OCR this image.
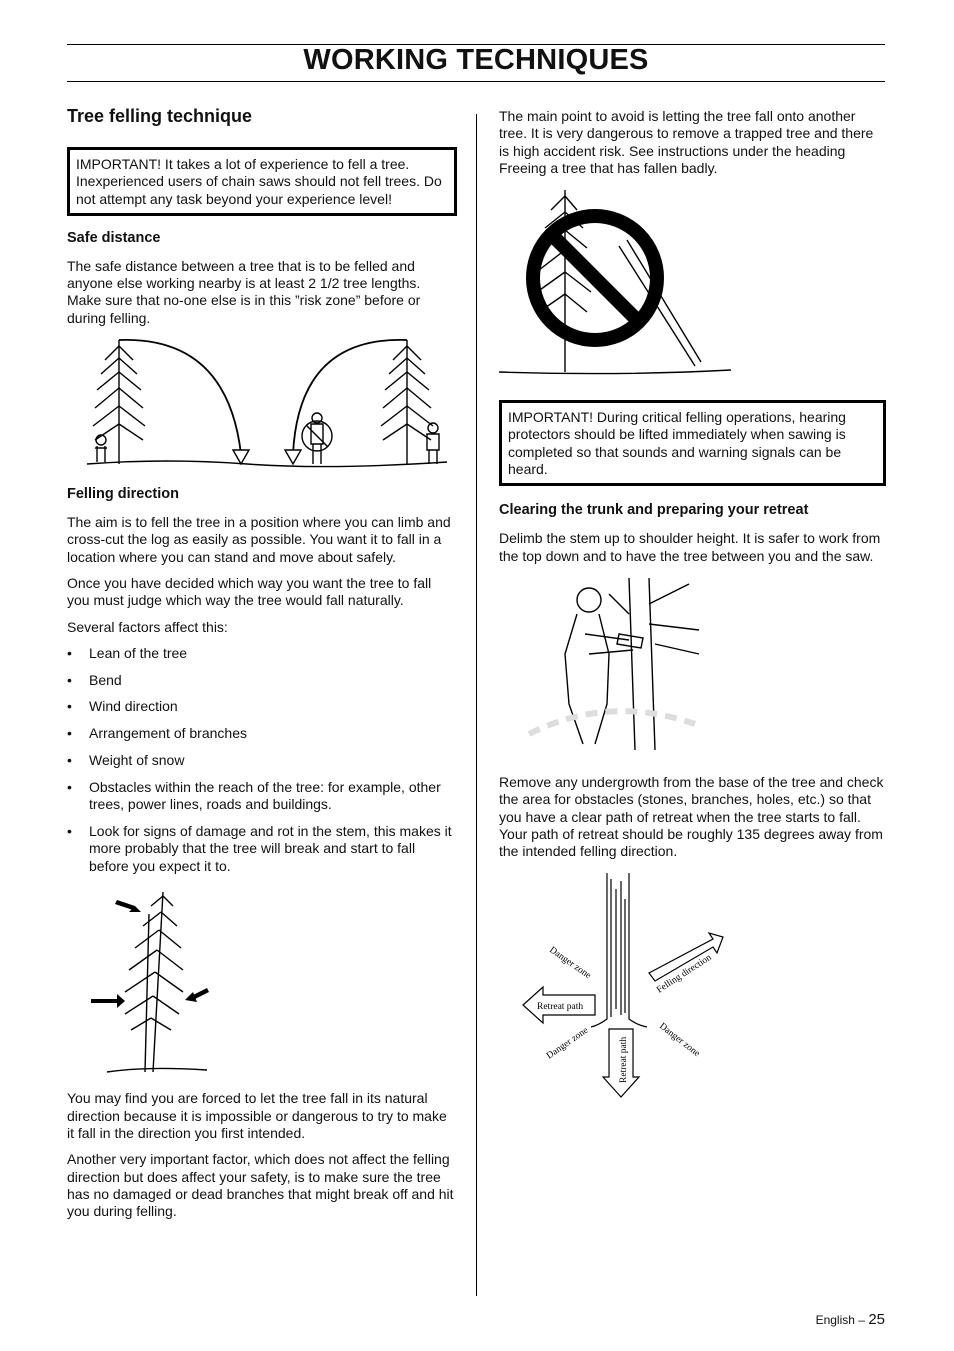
WORKING TECHNIQUES
Tree felling technique
IMPORTANT! It takes a lot of experience to fell a tree. Inexperienced users of chain saws should not fell trees. Do not attempt any task beyond your experience level!
Safe distance

The safe distance between a tree that is to be felled and anyone else working nearby is at least 2 1/2 tree lengths. Make sure that no-one else is in this ”risk zone” before or during felling.

Felling direction

The aim is to fell the tree in a position where you can limb and cross-cut the log as easily as possible. You want it to fall in a location where you can stand and move about safely.

Once you have decided which way you want the tree to fall you must judge which way the tree would fall naturally.

Several factors affect this:

• Lean of the tree
• Bend
• Wind direction
• Arrangement of branches
• Weight of snow
• Obstacles within the reach of the tree: for example, other trees, power lines, roads and buildings.
• Look for signs of damage and rot in the stem, this makes it more probably that the tree will break and start to fall before you expect it to.

You may find you are forced to let the tree fall in its natural direction because it is impossible or dangerous to try to make it fall in the direction you first intended.

Another very important factor, which does not affect the felling direction but does affect your safety, is to make sure the tree has no damaged or dead branches that might break off and hit you during felling.

The main point to avoid is letting the tree fall onto another tree. It is very dangerous to remove a trapped tree and there is high accident risk. See instructions under the heading Freeing a tree that has fallen badly.

IMPORTANT! During critical felling operations, hearing protectors should be lifted immediately when sawing is completed so that sounds and warning signals can be heard.
Clearing the trunk and preparing your retreat

Delimb the stem up to shoulder height. It is safer to work from the top down and to have the tree between you and the saw.

Remove any undergrowth from the base of the tree and check the area for obstacles (stones, branches, holes, etc.) so that you have a clear path of retreat when the tree starts to fall. Your path of retreat should be roughly 135 degrees away from the intended felling direction.

Danger zone	Felling direction
Retreat path
Danger zone	Retreat path	Danger zone
English – 25
